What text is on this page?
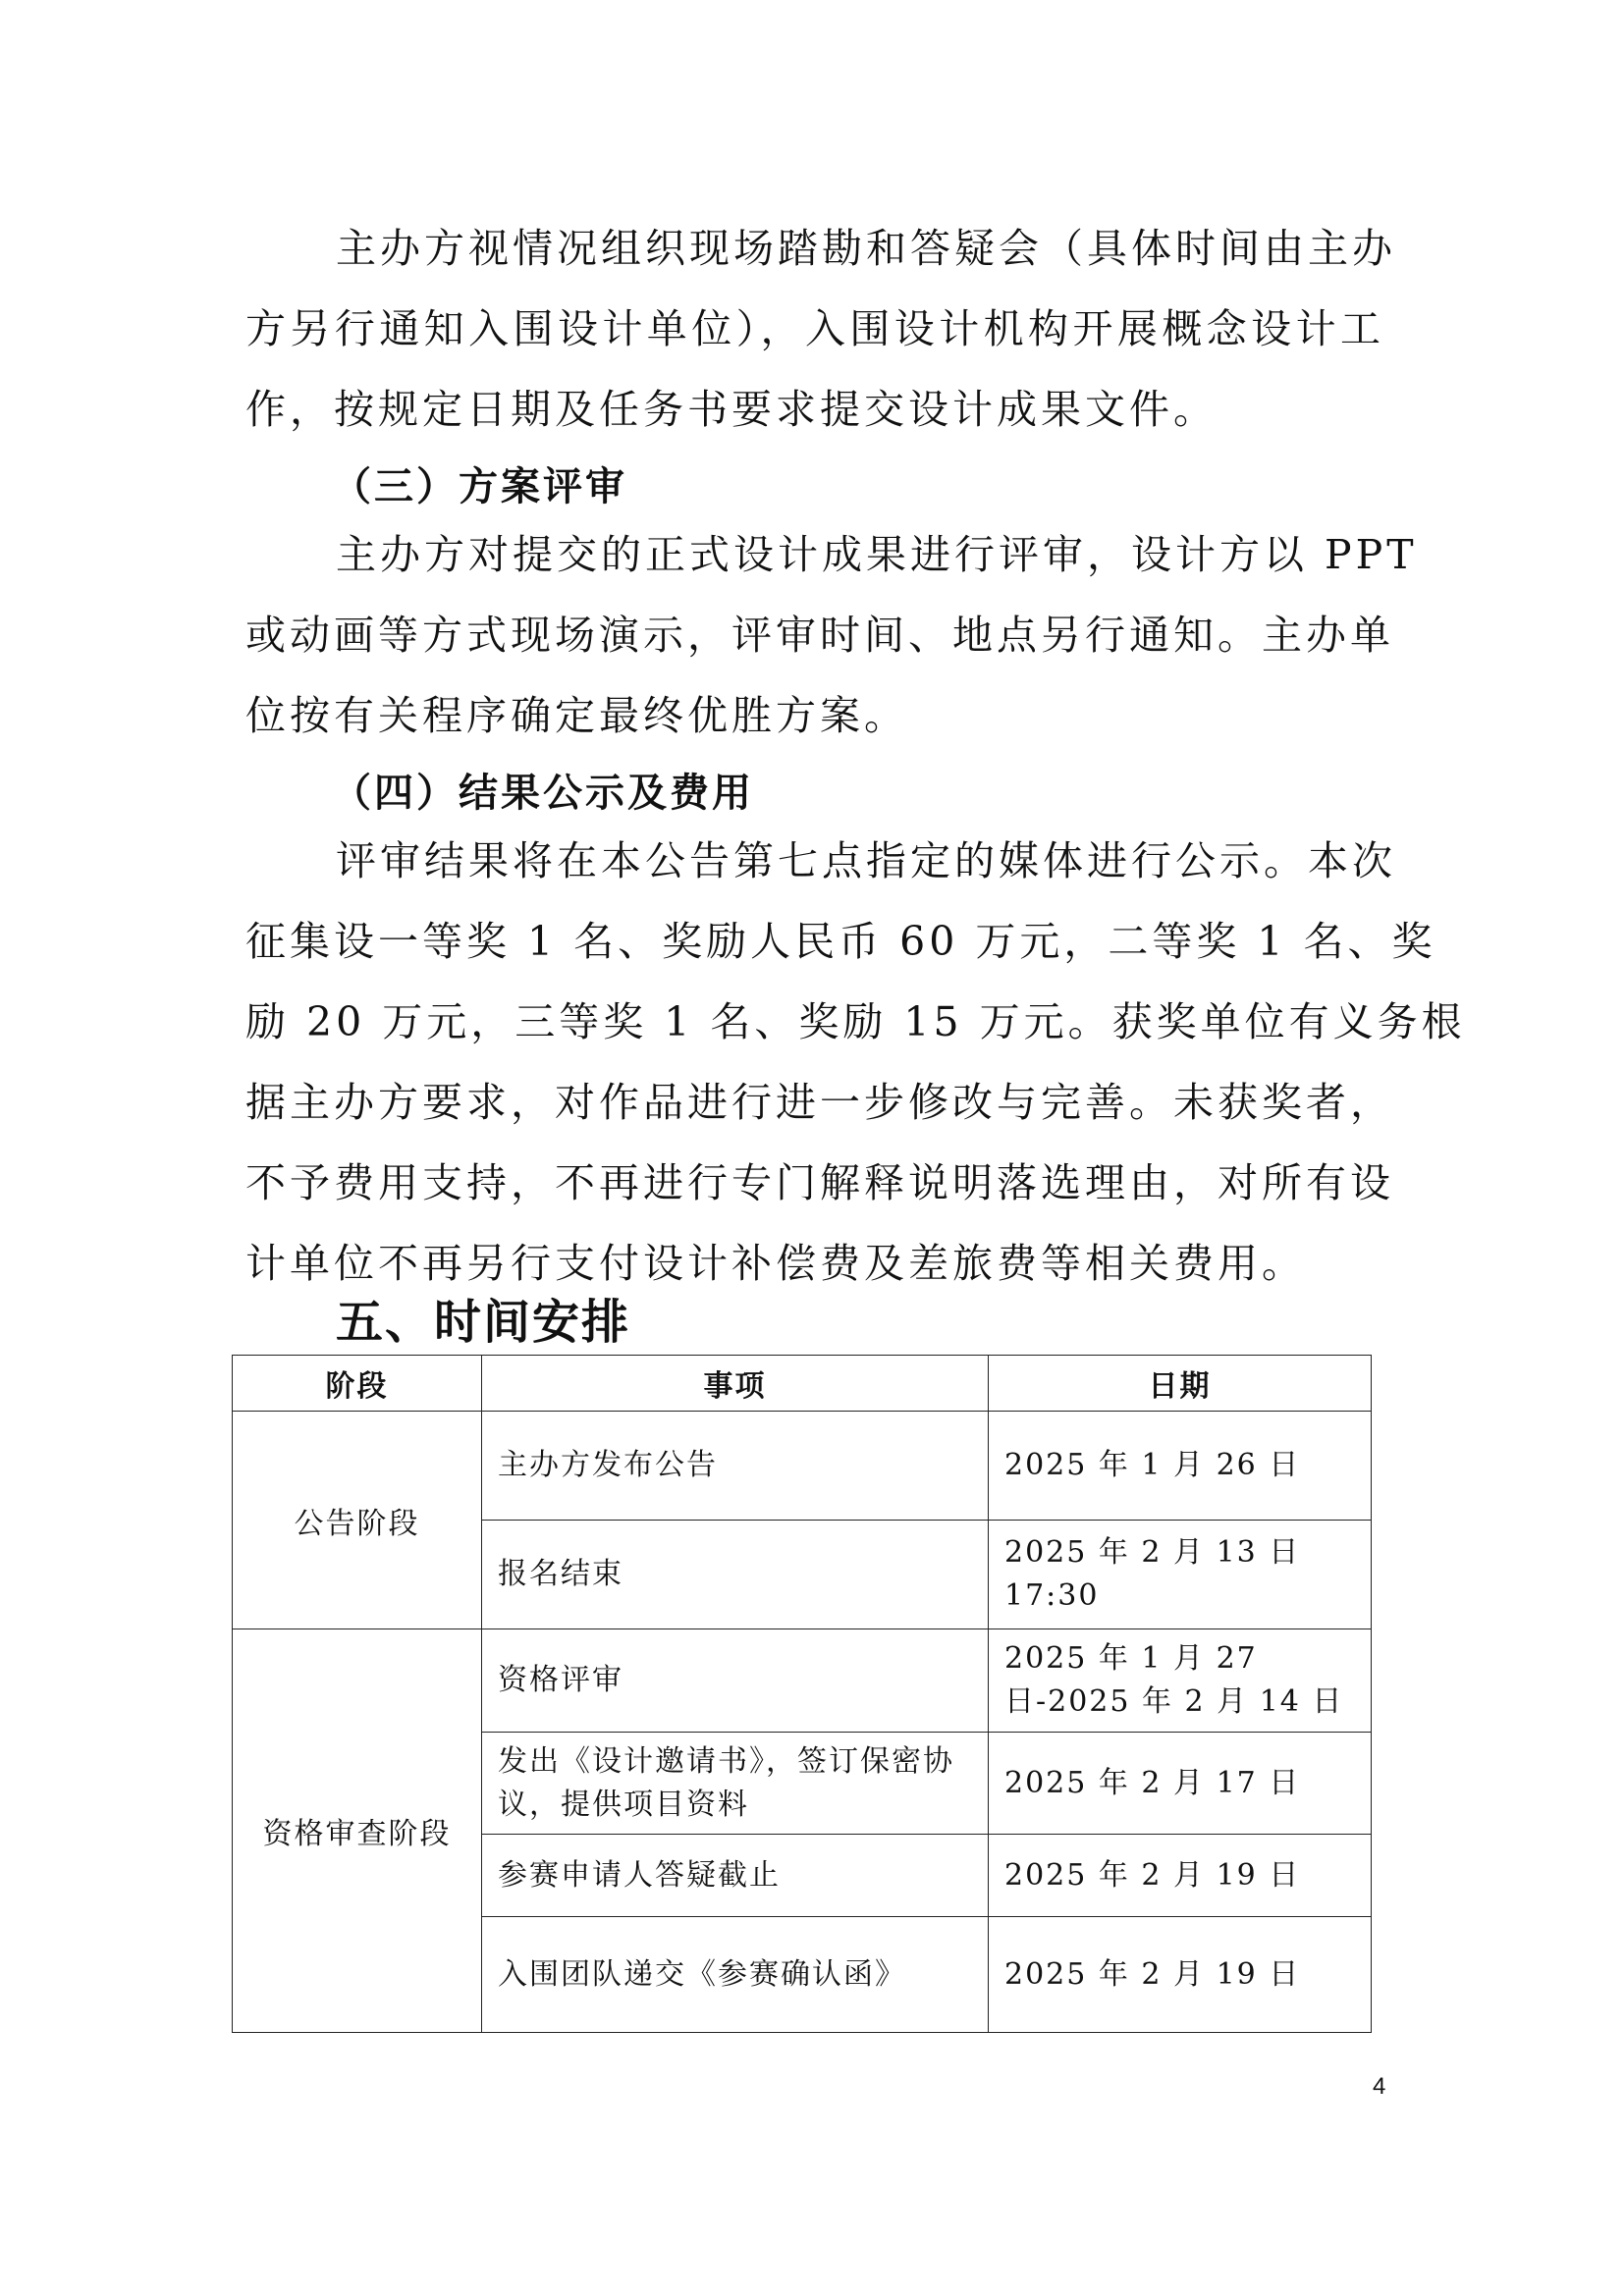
主办方视情况组织现场踏勘和答疑会（具体时间由主办
方另行通知入围设计单位），入围设计机构开展概念设计工
作，按规定日期及任务书要求提交设计成果文件。
（三）方案评审
主办方对提交的正式设计成果进行评审，设计方以 PPT
或动画等方式现场演示，评审时间、地点另行通知。主办单
位按有关程序确定最终优胜方案。
（四）结果公示及费用
评审结果将在本公告第七点指定的媒体进行公示。本次
征集设一等奖 1 名、奖励人民币 60 万元，二等奖 1 名、奖
励 20 万元，三等奖 1 名、奖励 15 万元。获奖单位有义务根
据主办方要求，对作品进行进一步修改与完善。未获奖者，
不予费用支持，不再进行专门解释说明落选理由，对所有设
计单位不再另行支付设计补偿费及差旅费等相关费用。
五、时间安排
阶段	事项	日期
公告阶段	主办方发布公告	2025 年 1 月 26 日
	报名结束	2025 年 2 月 13 日 17:30
资格审查阶段	资格评审	2025 年 1 月 27 日-2025 年 2 月 14 日
	发出《设计邀请书》，签订保密协议，提供项目资料	2025 年 2 月 17 日
	参赛申请人答疑截止	2025 年 2 月 19 日
	入围团队递交《参赛确认函》	2025 年 2 月 19 日
4
